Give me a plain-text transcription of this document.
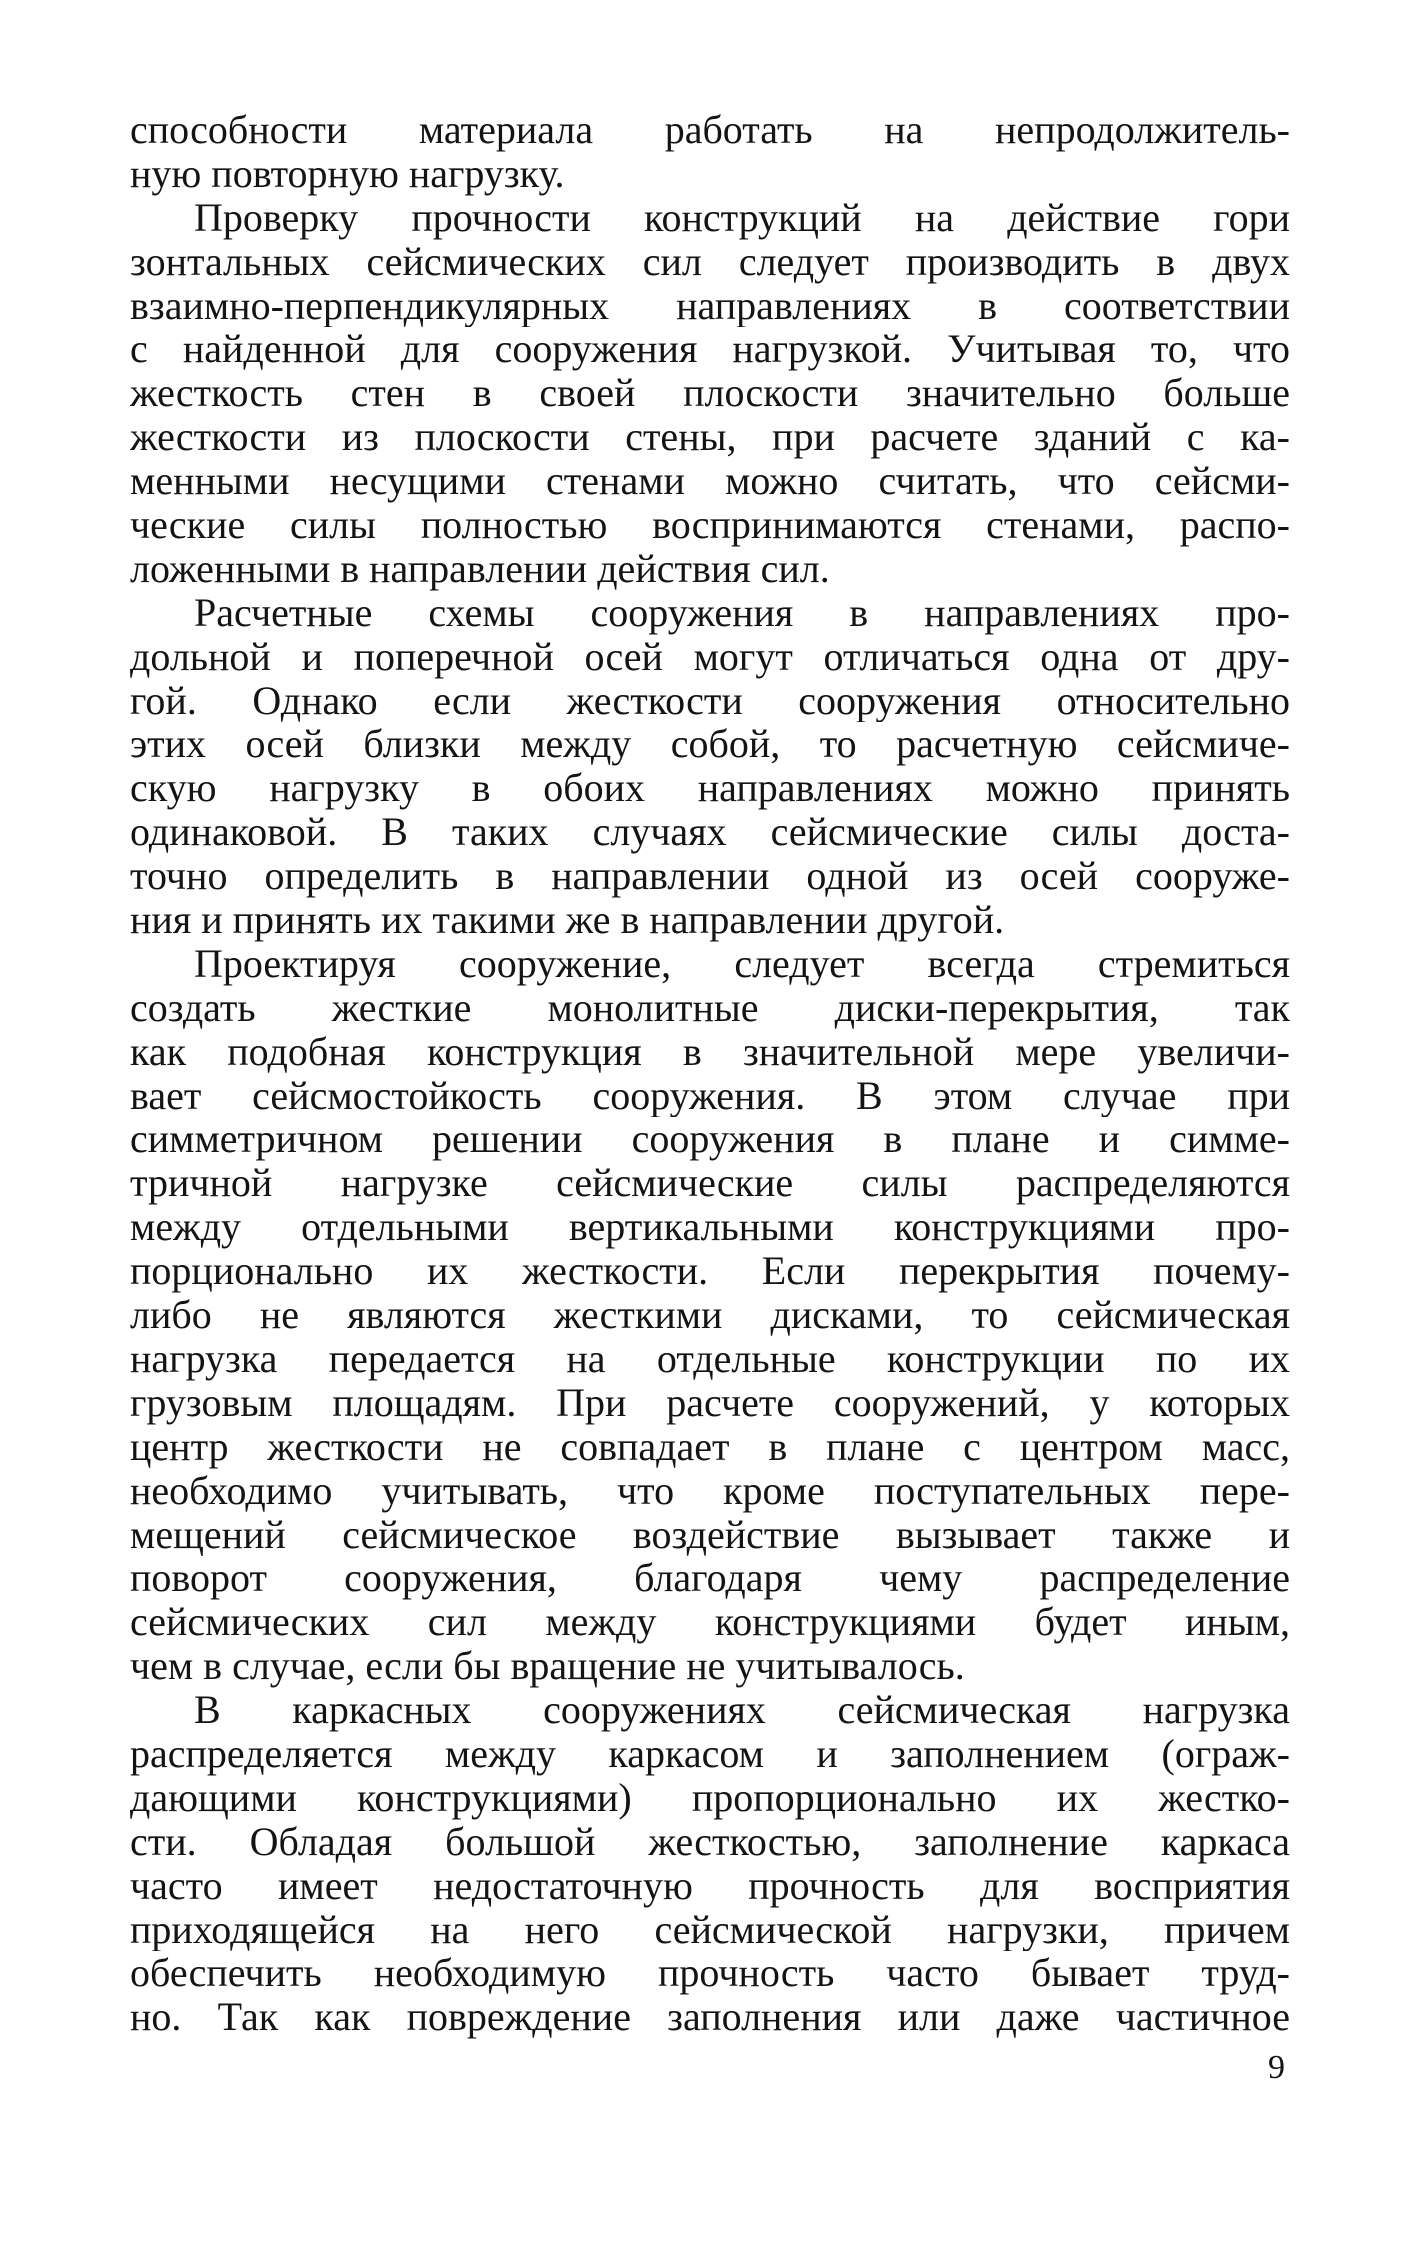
способности материала работать на непродолжитель-
ную повторную нагрузку.
Проверку прочности конструкций на действие гори
зонтальных сейсмических сил следует производить в двух
взаимно-перпендикулярных направлениях в соответствии
с найденной для сооружения нагрузкой. Учитывая то, что
жесткость стен в своей плоскости значительно больше
жесткости из плоскости стены, при расчете зданий с ка-
менными несущими стенами можно считать, что сейсми-
ческие силы полностью воспринимаются стенами, распо-
ложенными в направлении действия сил.
Расчетные схемы сооружения в направлениях про-
дольной и поперечной осей могут отличаться одна от дру-
гой. Однако если жесткости сооружения относительно
этих осей близки между собой, то расчетную сейсмиче-
скую нагрузку в обоих направлениях можно принять
одинаковой. В таких случаях сейсмические силы доста-
точно определить в направлении одной из осей сооруже-
ния и принять их такими же в направлении другой.
Проектируя сооружение, следует всегда стремиться
создать жесткие монолитные диски-перекрытия, так
как подобная конструкция в значительной мере увеличи-
вает сейсмостойкость сооружения. В этом случае при
симметричном решении сооружения в плане и симме-
тричной нагрузке сейсмические силы распределяются
между отдельными вертикальными конструкциями про-
порционально их жесткости. Если перекрытия почему-
либо не являются жесткими дисками, то сейсмическая
нагрузка передается на отдельные конструкции по их
грузовым площадям. При расчете сооружений, у которых
центр жесткости не совпадает в плане с центром масс,
необходимо учитывать, что кроме поступательных пере-
мещений сейсмическое воздействие вызывает также и
поворот сооружения, благодаря чему распределение
сейсмических сил между конструкциями будет иным,
чем в случае, если бы вращение не учитывалось.
В каркасных сооружениях сейсмическая нагрузка
распределяется между каркасом и заполнением (ограж-
дающими конструкциями) пропорционально их жестко-
сти. Обладая большой жесткостью, заполнение каркаса
часто имеет недостаточную прочность для восприятия
приходящейся на него сейсмической нагрузки, причем
обеспечить необходимую прочность часто бывает труд-
но. Так как повреждение заполнения или даже частичное
9
